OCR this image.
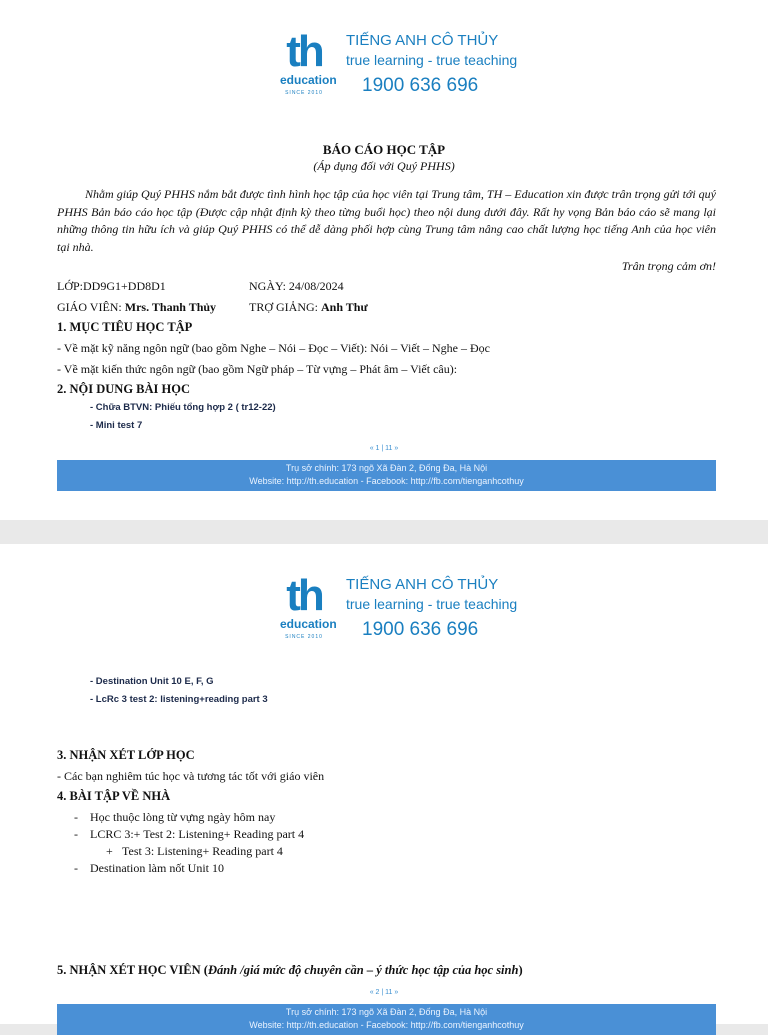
th
education
SINCE 2010
TIẾNG ANH CÔ THỦY
true learning - true teaching
1900 636 696
BÁO CÁO HỌC TẬP
(Áp dụng đối với Quý PHHS)

Nhằm giúp Quý PHHS nắm bắt được tình hình học tập của học viên tại Trung tâm, TH – Education xin được trân trọng gửi tới quý PHHS Bản báo cáo học tập (Được cập nhật định kỳ theo từng buổi học) theo nội dung dưới đây. Rất hy vọng Bản báo cáo sẽ mang lại những thông tin hữu ích và giúp Quý PHHS có thể dễ dàng phối hợp cùng Trung tâm nâng cao chất lượng học tiếng Anh của học viên tại nhà.

Trân trọng cảm ơn!
LỚP:DD9G1+DD8D1	NGÀY: 24/08/2024
GIÁO VIÊN: Mrs. Thanh Thủy	TRỢ GIẢNG: Anh Thư
1. MỤC TIÊU HỌC TẬP
- Về mặt kỹ năng ngôn ngữ (bao gồm Nghe – Nói – Đọc – Viết): Nói – Viết – Nghe – Đọc
- Về mặt kiến thức ngôn ngữ (bao gồm Ngữ pháp – Từ vựng – Phát âm – Viết câu):
2. NỘI DUNG BÀI HỌC
- Chữa BTVN: Phiếu tổng hợp 2 ( tr12-22)
- Mini test 7
« 1 | 11 »
Trụ sở chính: 173 ngõ Xã Đàn 2, Đống Đa, Hà Nội
Website: http://th.education - Facebook: http://fb.com/tienganhcothuy
th
education
SINCE 2010
TIẾNG ANH CÔ THỦY
true learning - true teaching
1900 636 696
- Destination Unit 10 E, F, G
- LcRc 3 test 2: listening+reading part 3
3. NHẬN XÉT LỚP HỌC
- Các bạn nghiêm túc học và tương tác tốt với giáo viên
4. BÀI TẬP VỀ NHÀ
- Học thuộc lòng từ vựng ngày hôm nay
- LCRC 3:+ Test 2: Listening+ Reading part 4
+ Test 3: Listening+ Reading part 4
- Destination làm nốt Unit 10
5. NHẬN XÉT HỌC VIÊN (Đánh /giá mức độ chuyên cần – ý thức học tập của học sinh)
« 2 | 11 »
Trụ sở chính: 173 ngõ Xã Đàn 2, Đống Đa, Hà Nội
Website: http://th.education - Facebook: http://fb.com/tienganhcothuy
